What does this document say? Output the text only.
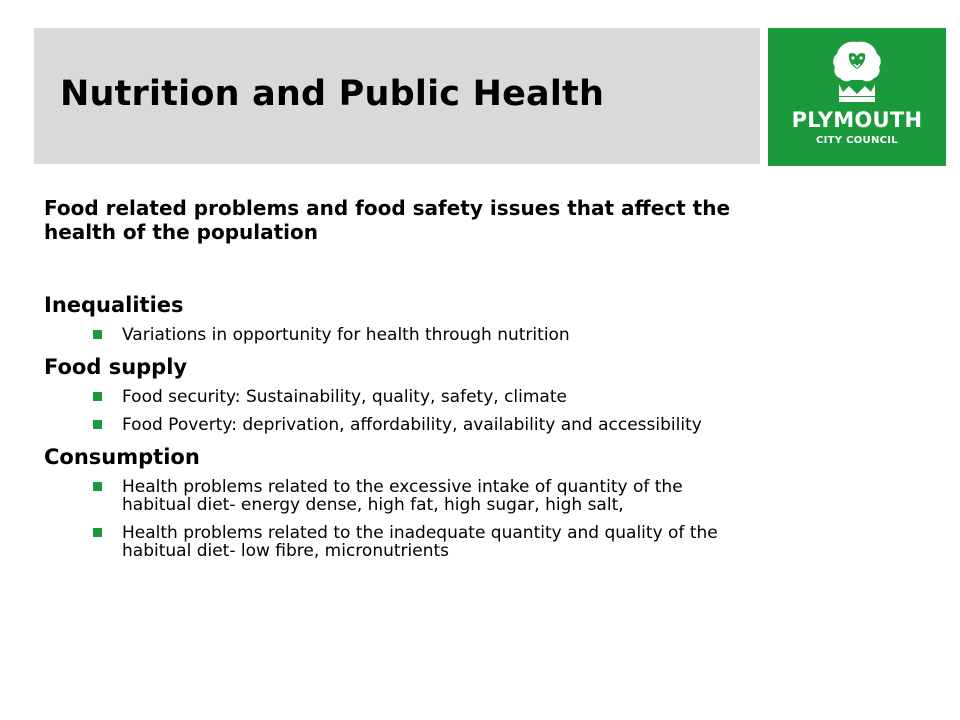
Nutrition and Public Health
PLYMOUTH
CITY COUNCIL

Food related problems and food safety issues that affect the health of the population

Inequalities
Variations in opportunity for health through nutrition
Food supply
Food security: Sustainability, quality, safety, climate
Food Poverty: deprivation, affordability, availability and accessibility
Consumption
Health problems related to the excessive intake of quantity of the habitual diet- energy dense, high fat, high sugar, high salt,
Health problems related to the inadequate quantity and quality of the habitual diet- low fibre, micronutrients
